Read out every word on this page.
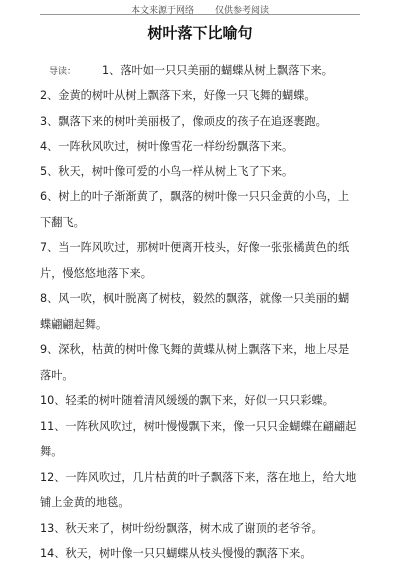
本文来源于网络 仅供参考阅读
树叶落下比喻句
导读： 1、落叶如一只只美丽的蝴蝶从树上飘落下来。
2、金黄的树叶从树上飘落下来，好像一只飞舞的蝴蝶。
3、飘落下来的树叶美丽极了，像顽皮的孩子在追逐裹跑。
4、一阵秋风吹过，树叶像雪花一样纷纷飘落下来。
5、秋天，树叶像可爱的小鸟一样从树上飞了下来。
6、树上的叶子渐渐黄了，飘落的树叶像一只只金黄的小鸟，上
下翻飞。
7、当一阵风吹过，那树叶便离开枝头，好像一张张橘黄色的纸
片，慢悠悠地落下来。
8、风一吹，枫叶脱离了树枝，毅然的飘落，就像一只美丽的蝴
蝶翩翩起舞。
9、深秋，枯黄的树叶像飞舞的黄蝶从树上飘落下来，地上尽是
落叶。
10、轻柔的树叶随着清风缓缓的飘下来，好似一只只彩蝶。
11、一阵秋风吹过，树叶慢慢飘下来，像一只只金蝴蝶在翩翩起
舞。
12、一阵风吹过，几片枯黄的叶子飘落下来，落在地上，给大地
铺上金黄的地毯。
13、秋天来了，树叶纷纷飘落，树木成了谢顶的老爷爷。
14、秋天，树叶像一只只蝴蝶从枝头慢慢的飘落下来。
